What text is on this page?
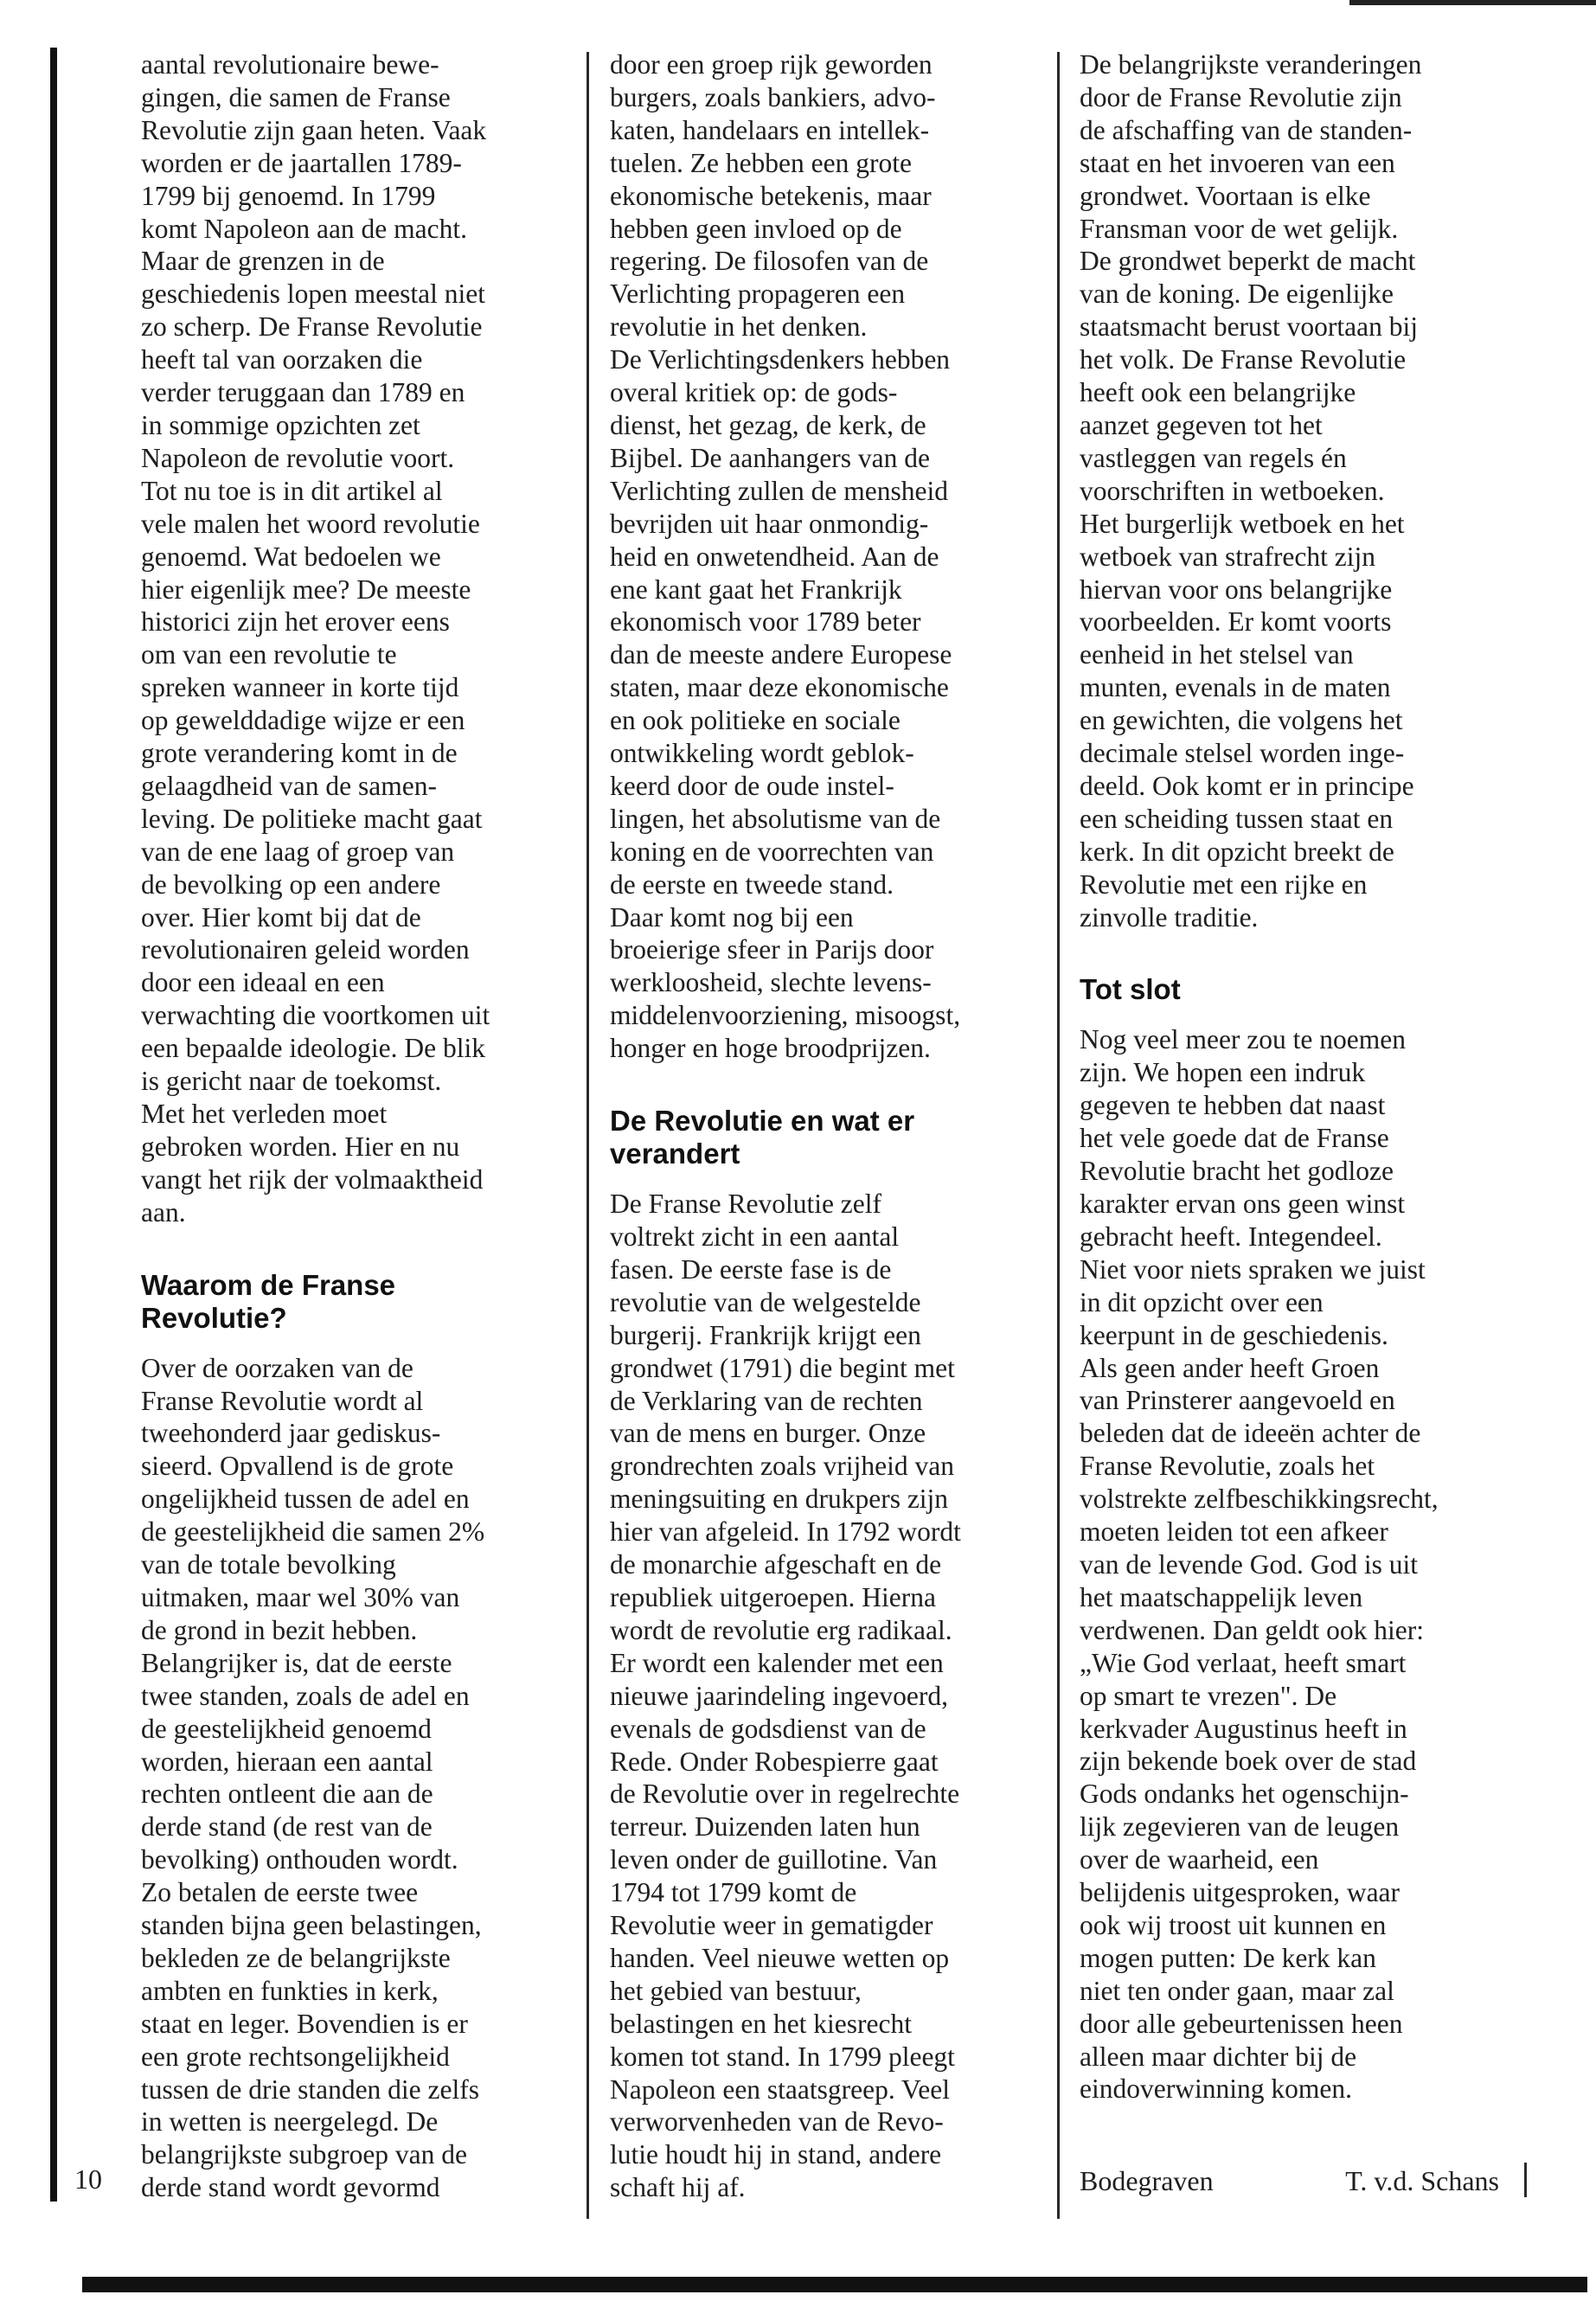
aantal revolutionaire bewe-

gingen, die samen de Franse

Revolutie zijn gaan heten. Vaak

worden er de jaartallen 1789-

1799 bij genoemd. In 1799

komt Napoleon aan de macht.

Maar de grenzen in de

geschiedenis lopen meestal niet

zo scherp. De Franse Revolutie

heeft tal van oorzaken die

verder teruggaan dan 1789 en

in sommige opzichten zet

Napoleon de revolutie voort.

Tot nu toe is in dit artikel al

vele malen het woord revolutie

genoemd. Wat bedoelen we

hier eigenlijk mee? De meeste

historici zijn het erover eens

om van een revolutie te

spreken wanneer in korte tijd

op gewelddadige wijze er een

grote verandering komt in de

gelaagdheid van de samen-

leving. De politieke macht gaat

van de ene laag of groep van

de bevolking op een andere

over. Hier komt bij dat de

revolutionairen geleid worden

door een ideaal en een

verwachting die voortkomen uit

een bepaalde ideologie. De blik

is gericht naar de toekomst.

Met het verleden moet

gebroken worden. Hier en nu

vangt het rijk der volmaaktheid

aan.

Waarom de Franse
Revolutie?

Over de oorzaken van de

Franse Revolutie wordt al

tweehonderd jaar gediskus-

sieerd. Opvallend is de grote

ongelijkheid tussen de adel en

de geestelijkheid die samen 2%

van de totale bevolking

uitmaken, maar wel 30% van

de grond in bezit hebben.

Belangrijker is, dat de eerste

twee standen, zoals de adel en

de geestelijkheid genoemd

worden, hieraan een aantal

rechten ontleent die aan de

derde stand (de rest van de

bevolking) onthouden wordt.

Zo betalen de eerste twee

standen bijna geen belastingen,

bekleden ze de belangrijkste

ambten en funkties in kerk,

staat en leger. Bovendien is er

een grote rechtsongelijkheid

tussen de drie standen die zelfs

in wetten is neergelegd. De

belangrijkste subgroep van de

derde stand wordt gevormd

door een groep rijk geworden

burgers, zoals bankiers, advo-

katen, handelaars en intellek-

tuelen. Ze hebben een grote

ekonomische betekenis, maar

hebben geen invloed op de

regering. De filosofen van de

Verlichting propageren een

revolutie in het denken.

De Verlichtingsdenkers hebben

overal kritiek op: de gods-

dienst, het gezag, de kerk, de

Bijbel. De aanhangers van de

Verlichting zullen de mensheid

bevrijden uit haar onmondig-

heid en onwetendheid. Aan de

ene kant gaat het Frankrijk

ekonomisch voor 1789 beter

dan de meeste andere Europese

staten, maar deze ekonomische

en ook politieke en sociale

ontwikkeling wordt geblok-

keerd door de oude instel-

lingen, het absolutisme van de

koning en de voorrechten van

de eerste en tweede stand.

Daar komt nog bij een

broeierige sfeer in Parijs door

werkloosheid, slechte levens-

middelenvoorziening, misoogst,

honger en hoge broodprijzen.

De Revolutie en wat er
verandert

De Franse Revolutie zelf

voltrekt zicht in een aantal

fasen. De eerste fase is de

revolutie van de welgestelde

burgerij. Frankrijk krijgt een

grondwet (1791) die begint met

de Verklaring van de rechten

van de mens en burger. Onze

grondrechten zoals vrijheid van

meningsuiting en drukpers zijn

hier van afgeleid. In 1792 wordt

de monarchie afgeschaft en de

republiek uitgeroepen. Hierna

wordt de revolutie erg radikaal.

Er wordt een kalender met een

nieuwe jaarindeling ingevoerd,

evenals de godsdienst van de

Rede. Onder Robespierre gaat

de Revolutie over in regelrechte

terreur. Duizenden laten hun

leven onder de guillotine. Van

1794 tot 1799 komt de

Revolutie weer in gematigder

handen. Veel nieuwe wetten op

het gebied van bestuur,

belastingen en het kiesrecht

komen tot stand. In 1799 pleegt

Napoleon een staatsgreep. Veel

verworvenheden van de Revo-

lutie houdt hij in stand, andere

schaft hij af.

De belangrijkste veranderingen

door de Franse Revolutie zijn

de afschaffing van de standen-

staat en het invoeren van een

grondwet. Voortaan is elke

Fransman voor de wet gelijk.

De grondwet beperkt de macht

van de koning. De eigenlijke

staatsmacht berust voortaan bij

het volk. De Franse Revolutie

heeft ook een belangrijke

aanzet gegeven tot het

vastleggen van regels én

voorschriften in wetboeken.

Het burgerlijk wetboek en het

wetboek van strafrecht zijn

hiervan voor ons belangrijke

voorbeelden. Er komt voorts

eenheid in het stelsel van

munten, evenals in de maten

en gewichten, die volgens het

decimale stelsel worden inge-

deeld. Ook komt er in principe

een scheiding tussen staat en

kerk. In dit opzicht breekt de

Revolutie met een rijke en

zinvolle traditie.

Tot slot

Nog veel meer zou te noemen

zijn. We hopen een indruk

gegeven te hebben dat naast

het vele goede dat de Franse

Revolutie bracht het godloze

karakter ervan ons geen winst

gebracht heeft. Integendeel.

Niet voor niets spraken we juist

in dit opzicht over een

keerpunt in de geschiedenis.

Als geen ander heeft Groen

van Prinsterer aangevoeld en

beleden dat de ideeën achter de

Franse Revolutie, zoals het

volstrekte zelfbeschikkingsrecht,

moeten leiden tot een afkeer

van de levende God. God is uit

het maatschappelijk leven

verdwenen. Dan geldt ook hier:

„Wie God verlaat, heeft smart

op smart te vrezen". De

kerkvader Augustinus heeft in

zijn bekende boek over de stad

Gods ondanks het ogenschijn-

lijk zegevieren van de leugen

over de waarheid, een

belijdenis uitgesproken, waar

ook wij troost uit kunnen en

mogen putten: De kerk kan

niet ten onder gaan, maar zal

door alle gebeurtenissen heen

alleen maar dichter bij de

eindoverwinning komen.

10	Bodegraven	T. v.d. Schans
